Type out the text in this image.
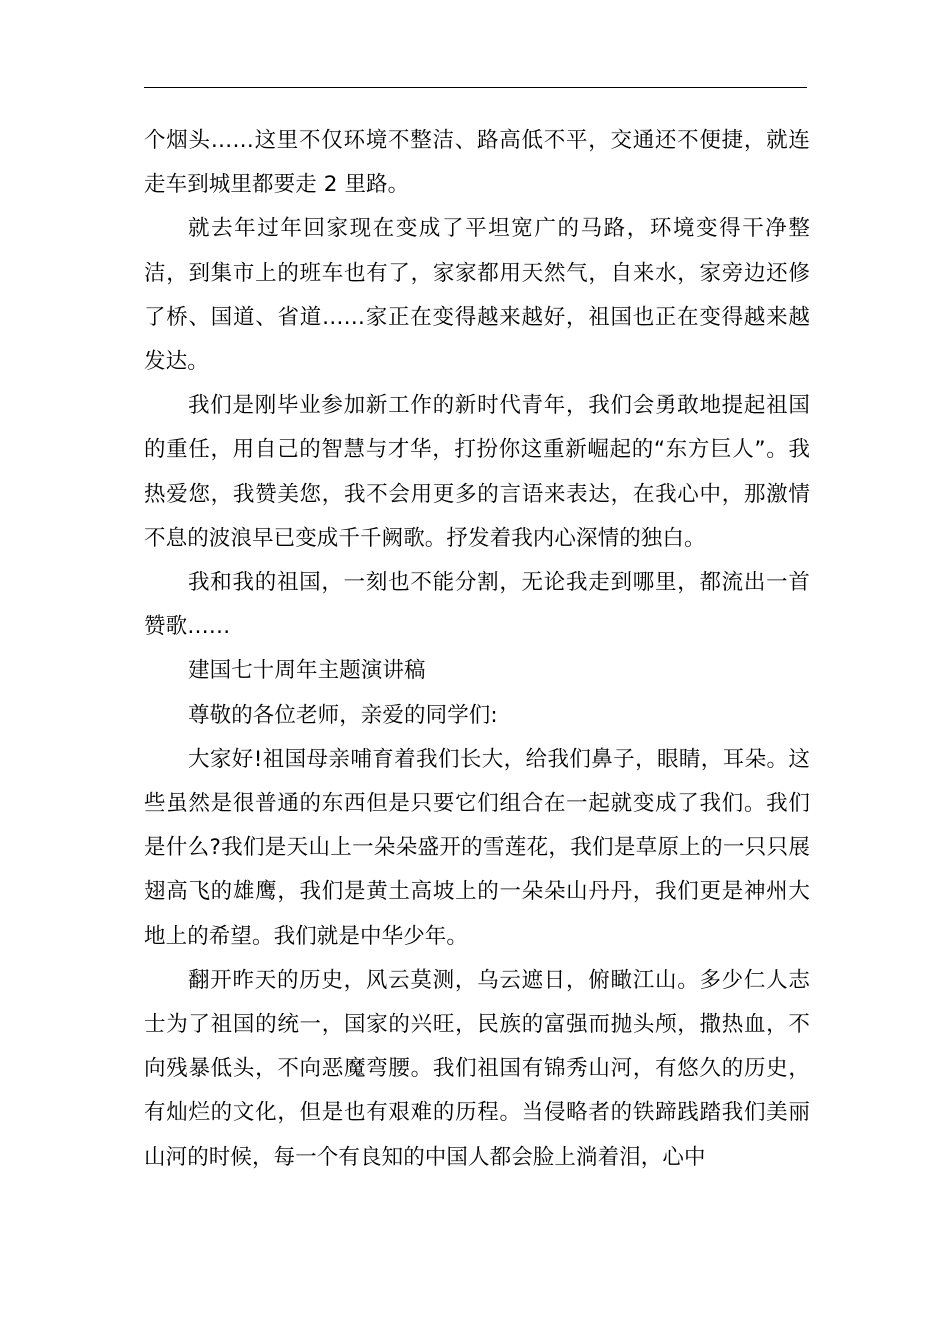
个烟头……这里不仅环境不整洁、路高低不平，交通还不便捷，就连走车到城里都要走 2 里路。

就去年过年回家现在变成了平坦宽广的马路，环境变得干净整洁，到集市上的班车也有了，家家都用天然气，自来水，家旁边还修了桥、国道、省道……家正在变得越来越好，祖国也正在变得越来越发达。

我们是刚毕业参加新工作的新时代青年，我们会勇敢地提起祖国的重任，用自己的智慧与才华，打扮你这重新崛起的“东方巨人”。我热爱您，我赞美您，我不会用更多的言语来表达，在我心中，那激情不息的波浪早已变成千千阙歌。抒发着我内心深情的独白。

我和我的祖国，一刻也不能分割，无论我走到哪里，都流出一首赞歌……

建国七十周年主题演讲稿

尊敬的各位老师，亲爱的同学们:

大家好!祖国母亲哺育着我们长大，给我们鼻子，眼睛，耳朵。这些虽然是很普通的东西但是只要它们组合在一起就变成了我们。我们是什么?我们是天山上一朵朵盛开的雪莲花，我们是草原上的一只只展翅高飞的雄鹰，我们是黄土高坡上的一朵朵山丹丹，我们更是神州大地上的希望。我们就是中华少年。

翻开昨天的历史，风云莫测，乌云遮日，俯瞰江山。多少仁人志士为了祖国的统一，国家的兴旺，民族的富强而抛头颅，撒热血，不向残暴低头，不向恶魔弯腰。我们祖国有锦秀山河，有悠久的历史，有灿烂的文化，但是也有艰难的历程。当侵略者的铁蹄践踏我们美丽山河的时候，每一个有良知的中国人都会脸上淌着泪，心中
